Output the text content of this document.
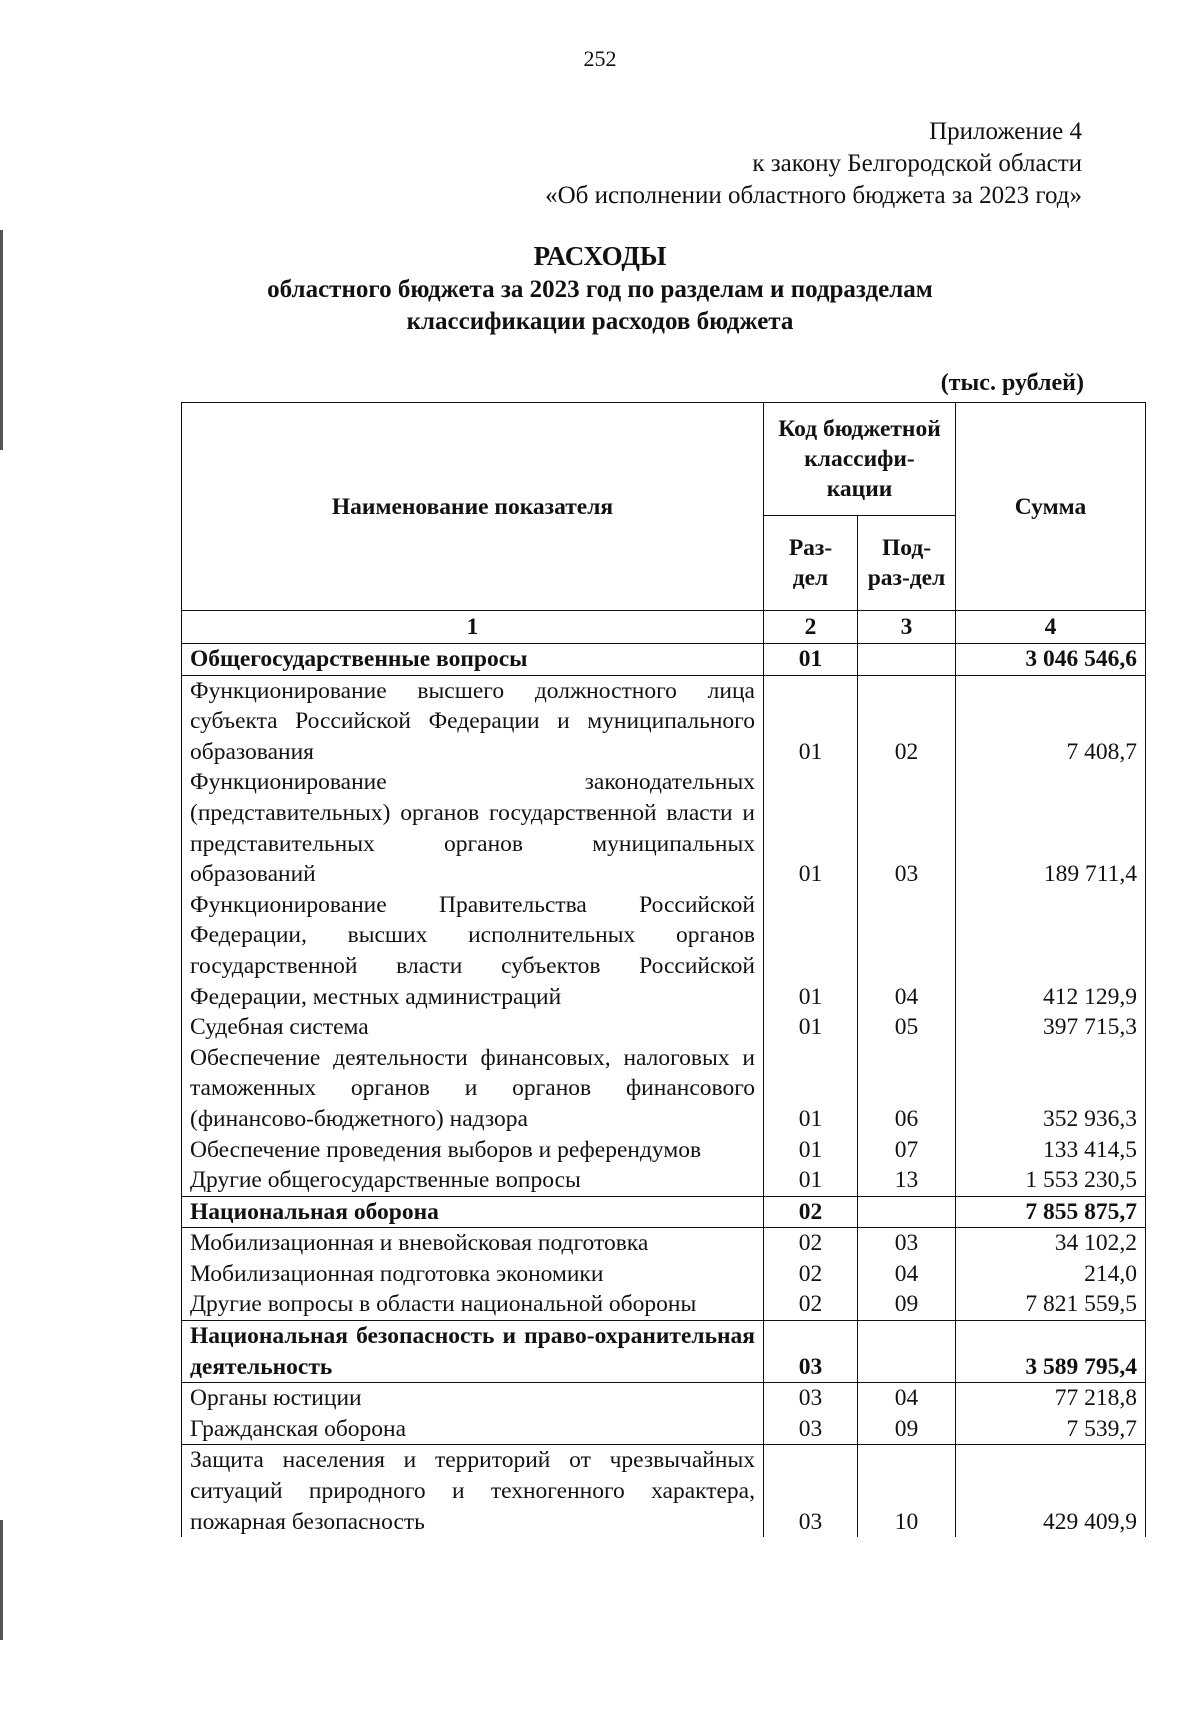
252
Приложение 4
к закону Белгородской области
«Об исполнении областного бюджета за 2023 год»
РАСХОДЫ
областного бюджета за 2023 год по разделам и подразделам
классификации расходов бюджета
(тыс. рублей)
Наименование показателя	Код бюджетной классифи-кации		Сумма
	Раз-дел	Под-раз-дел	
1	2	3	4
Общегосударственные вопросы	01		3 046 546,6
Функционирование высшего должностного лица субъекта Российской Федерации и муниципального образования	01	02	7 408,7
Функционирование законодательных (представительных) органов государственной власти и представительных органов муниципальных образований	01	03	189 711,4
Функционирование Правительства Российской Федерации, высших исполнительных органов государственной власти субъектов Российской Федерации, местных администраций	01	04	412 129,9
Судебная система	01	05	397 715,3
Обеспечение деятельности финансовых, налоговых и таможенных органов и органов финансового (финансово-бюджетного) надзора	01	06	352 936,3
Обеспечение проведения выборов и референдумов	01	07	133 414,5
Другие общегосударственные вопросы	01	13	1 553 230,5
Национальная оборона	02		7 855 875,7
Мобилизационная и вневойсковая подготовка	02	03	34 102,2
Мобилизационная подготовка экономики	02	04	214,0
Другие вопросы в области национальной обороны	02	09	7 821 559,5
Национальная безопасность и право-охранительная деятельность	03		3 589 795,4
Органы юстиции	03	04	77 218,8
Гражданская оборона	03	09	7 539,7
Защита населения и территорий от чрезвычайных ситуаций природного и техногенного характера, пожарная безопасность	03	10	429 409,9
